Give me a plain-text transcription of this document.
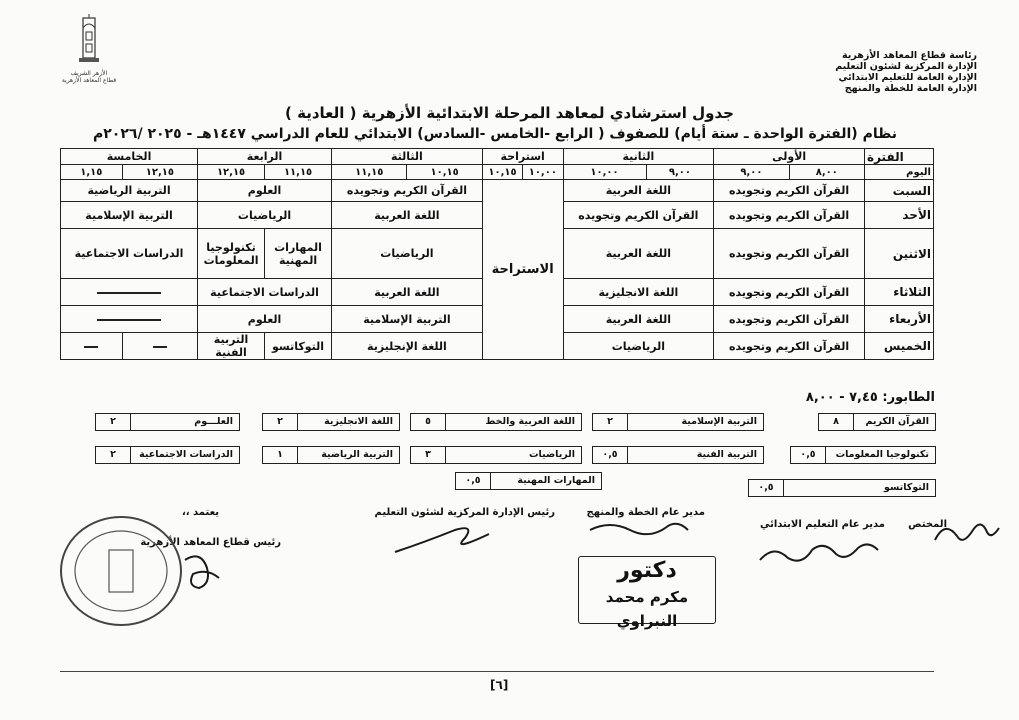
الأزهر الشريف
قطاع المعاهد الأزهرية
رئاسة قطاع المعاهد الأزهرية
الإدارة المركزية لشئون التعليم
الإدارة العامة للتعليم الابتدائي
الإدارة العامة للخطة والمنهج
جدول استرشادي لمعاهد المرحلة الابتدائية الأزهرية ( العادية )
نظام (الفترة الواحدة ـ ستة أيام) للصفوف ( الرابع -الخامس -السادس) الابتدائي للعام الدراسي ١٤٤٧هـ - ٢٠٢٥ /٢٠٢٦م
الفترة	الأولى		الثانية		استراحة		الثالثة		الرابعة		الخامسة	
اليوم	٨,٠٠	٩,٠٠	٩,٠٠	١٠,٠٠	١٠,٠٠	١٠,١٥	١٠,١٥	١١,١٥	١١,١٥	١٢,١٥	١٢,١٥	١,١٥
السبت	القرآن الكريم وتجويده		اللغة العربية		الاستراحة		القرآن الكريم وتجويده		العلوم		التربية الرياضية	
الأحد	القرآن الكريم وتجويده		القرآن الكريم وتجويده				اللغة العربية		الرياضيات		التربية الإسلامية	
الاثنين	القرآن الكريم وتجويده		اللغة العربية				الرياضيات		المهارات المهنية	تكنولوجيا المعلومات	الدراسات الاجتماعية	
الثلاثاء	القرآن الكريم وتجويده		اللغة الانجليزية				اللغة العربية		الدراسات الاجتماعية			
الأربعاء	القرآن الكريم وتجويده		اللغة العربية				التربية الإسلامية		العلوم			
الخميس	القرآن الكريم وتجويده		الرياضيات				اللغة الإنجليزية		التوكاتسو	التربية الفنية		
الطابور: ٧,٤٥ - ٨,٠٠
القرآن الكريم
٨
التربية الإسلامية
٢
اللغة العربية والخط
٥
اللغة الانجليزية
٢
العلـــوم
٢
تكنولوجيا المعلومات
٠,٥
التربية الفنية
٠,٥
الرياضيات
٣
التربية الرياضية
١
الدراسات الاجتماعية
٢
المهارات المهنية
٠,٥
التوكاتسو
٠,٥
المختص
مدير عام التعليم الابتدائي
مدير عام الخطة والمنهج
رئيس الإدارة المركزية لشئون التعليم
يعتمد ،،
رئيس قطاع المعاهد الأزهرية
دكتور
مكرم محمد النبراوي
[٦]
